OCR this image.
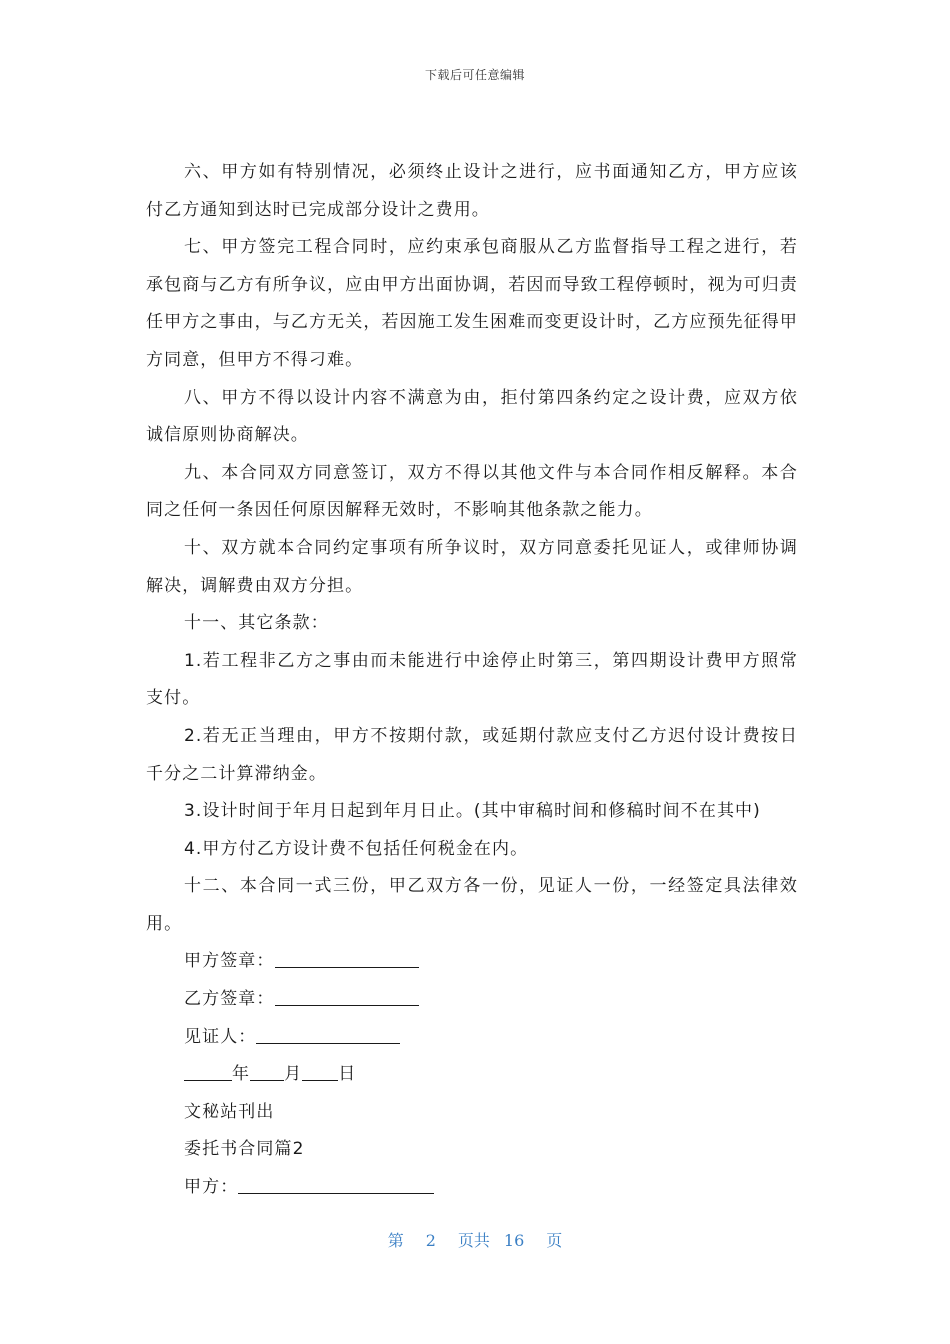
下载后可任意编辑

六、甲方如有特别情况，必须终止设计之进行，应书面通知乙方，甲方应该付乙方通知到达时已完成部分设计之费用。

七、甲方签完工程合同时，应约束承包商服从乙方监督指导工程之进行，若承包商与乙方有所争议，应由甲方出面协调，若因而导致工程停顿时，视为可归责任甲方之事由，与乙方无关，若因施工发生困难而变更设计时，乙方应预先征得甲方同意，但甲方不得刁难。

八、甲方不得以设计内容不满意为由，拒付第四条约定之设计费，应双方依诚信原则协商解决。

九、本合同双方同意签订，双方不得以其他文件与本合同作相反解释。本合同之任何一条因任何原因解释无效时，不影响其他条款之能力。

十、双方就本合同约定事项有所争议时，双方同意委托见证人，或律师协调解决，调解费由双方分担。

十一、其它条款：

1.若工程非乙方之事由而未能进行中途停止时第三，第四期设计费甲方照常支付。

2.若无正当理由，甲方不按期付款，或延期付款应支付乙方迟付设计费按日千分之二计算滞纳金。

3.设计时间于年月日起到年月日止。(其中审稿时间和修稿时间不在其中)

4.甲方付乙方设计费不包括任何税金在内。

十二、本合同一式三份，甲乙双方各一份，见证人一份，一经签定具法律效用。

甲方签章：

乙方签章：

见证人：

年 月 日

文秘站刊出

委托书合同篇2

甲方：

第 2 页共 16 页
